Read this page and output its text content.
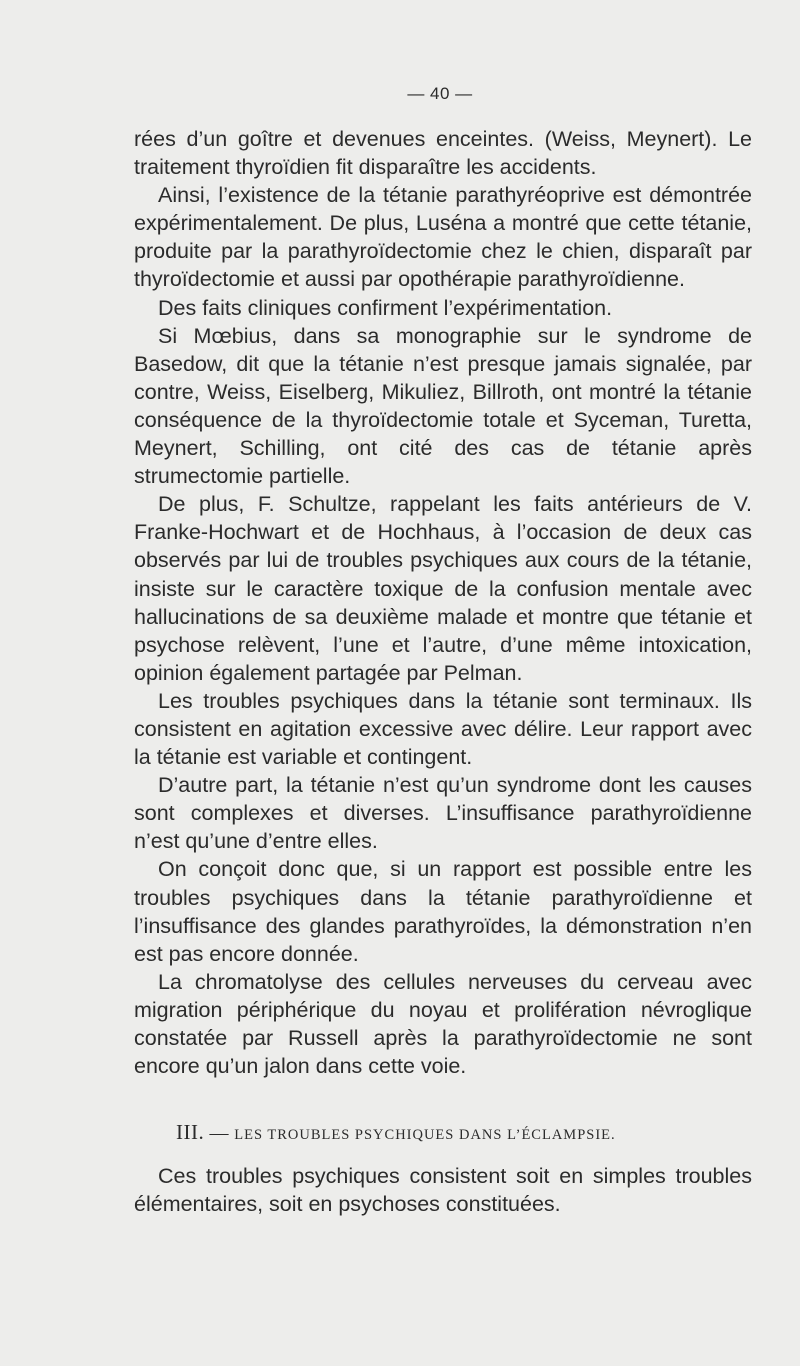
— 40 —

rées d’un goître et devenues enceintes. (Weiss, Meynert). Le traitement thyroïdien fit disparaître les accidents.

Ainsi, l’existence de la tétanie parathyréoprive est démontrée expérimentalement. De plus, Luséna a montré que cette tétanie, produite par la parathyroïdectomie chez le chien, disparaît par thyroïdectomie et aussi par opothérapie parathyroïdienne.

Des faits cliniques confirment l’expérimentation.

Si Mœbius, dans sa monographie sur le syndrome de Basedow, dit que la tétanie n’est presque jamais signalée, par contre, Weiss, Eiselberg, Mikuliez, Billroth, ont montré la tétanie conséquence de la thyroïdectomie totale et Syceman, Turetta, Meynert, Schilling, ont cité des cas de tétanie après strumectomie partielle.

De plus, F. Schultze, rappelant les faits antérieurs de V. Franke-Hochwart et de Hochhaus, à l’occasion de deux cas observés par lui de troubles psychiques aux cours de la tétanie, insiste sur le caractère toxique de la confusion mentale avec hallucinations de sa deuxième malade et montre que tétanie et psychose relèvent, l’une et l’autre, d’une même intoxication, opinion également partagée par Pelman.

Les troubles psychiques dans la tétanie sont terminaux. Ils consistent en agitation excessive avec délire. Leur rapport avec la tétanie est variable et contingent.

D’autre part, la tétanie n’est qu’un syndrome dont les causes sont complexes et diverses. L’insuffisance parathyroïdienne n’est qu’une d’entre elles.

On conçoit donc que, si un rapport est possible entre les troubles psychiques dans la tétanie parathyroïdienne et l’insuffisance des glandes parathyroïdes, la démonstration n’en est pas encore donnée.

La chromatolyse des cellules nerveuses du cerveau avec migration périphérique du noyau et prolifération névroglique constatée par Russell après la parathyroïdectomie ne sont encore qu’un jalon dans cette voie.

III. — LES TROUBLES PSYCHIQUES DANS L’ÉCLAMPSIE.

Ces troubles psychiques consistent soit en simples troubles élémentaires, soit en psychoses constituées.
